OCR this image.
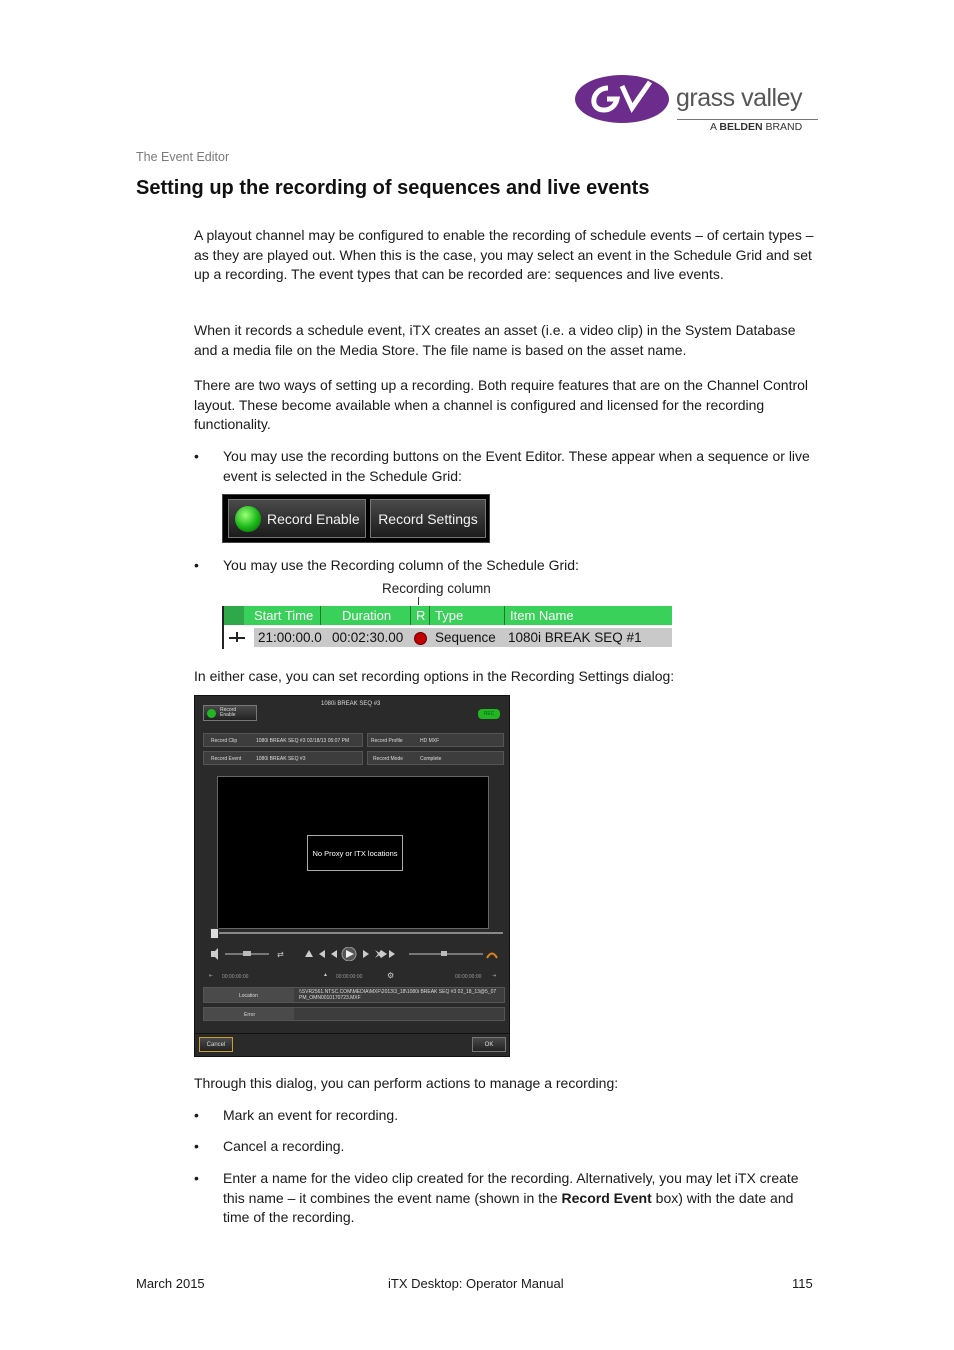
grass valley
A BELDEN BRAND
The Event Editor
Setting up the recording of sequences and live events

A playout channel may be configured to enable the recording of schedule events – of certain types – as they are played out. When this is the case, you may select an event in the Schedule Grid and set up a recording. The event types that can be recorded are: sequences and live events.

When it records a schedule event, iTX creates an asset (i.e. a video clip) in the System Database and a media file on the Media Store. The file name is based on the asset name.

There are two ways of setting up a recording. Both require features that are on the Channel Control layout. These become available when a channel is configured and licensed for the recording functionality.

• You may use the recording buttons on the Event Editor. These appear when a sequence or live event is selected in the Schedule Grid:
Record Enable	Record Settings
• You may use the Recording column of the Schedule Grid:
Recording column
Start Time Duration R Type	Item Name
21:00:00.0 00:02:30.00 Sequence 1080i BREAK SEQ #1

In either case, you can set recording options in the Recording Settings dialog:

Record
Enable
1080i BREAK SEQ #3
REC
Record Clip	1080i BREAK SEQ #3 02/18/13 05:07 PM	Record Profile	HD MXF
Record Event	1080i BREAK SEQ #3	Record Mode	Complete
No Proxy or ITX locations
⇄
⇤ 00:00:00:00	▲ 00:00:00:00	⚙	00:00:00:00 ⇥
Location
\\SVR2561.NTSC.COM\MEDIA\MXF\2013\3_18\1080i BREAK SEQ #3 02_18_13@5_07 PM_OMN0010170723.MXF
Error
Cancel	OK

Through this dialog, you can perform actions to manage a recording:

• Mark an event for recording.
• Cancel a recording.
• Enter a name for the video clip created for the recording. Alternatively, you may let iTX create this name – it combines the event name (shown in the Record Event box) with the date and time of the recording.
March 2015	iTX Desktop: Operator Manual	115
